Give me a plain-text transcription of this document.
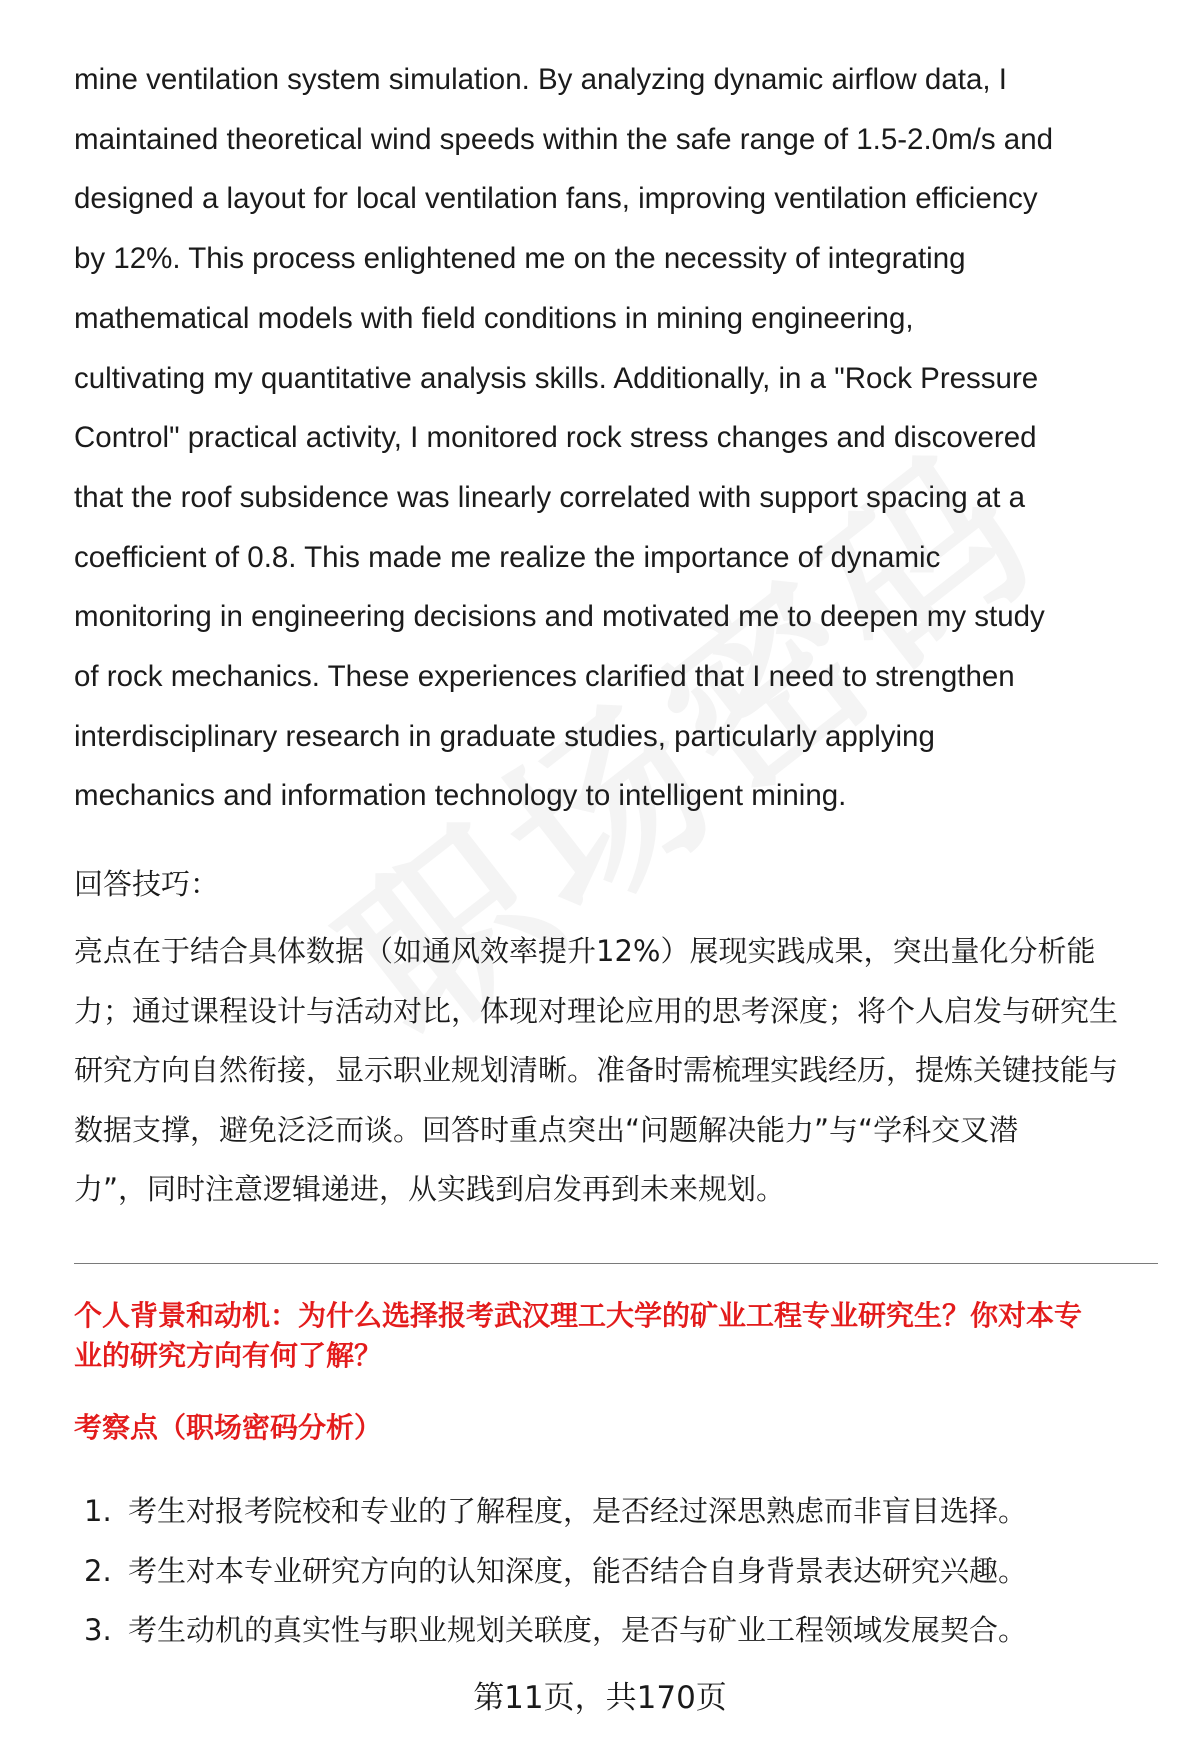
mine ventilation system simulation. By analyzing dynamic airflow data, I
maintained theoretical wind speeds within the safe range of 1.5-2.0m/s and
designed a layout for local ventilation fans, improving ventilation efficiency
by 12%. This process enlightened me on the necessity of integrating
mathematical models with field conditions in mining engineering,
cultivating my quantitative analysis skills. Additionally, in a "Rock Pressure
Control" practical activity, I monitored rock stress changes and discovered
that the roof subsidence was linearly correlated with support spacing at a
coefficient of 0.8. This made me realize the importance of dynamic
monitoring in engineering decisions and motivated me to deepen my study
of rock mechanics. These experiences clarified that I need to strengthen
interdisciplinary research in graduate studies, particularly applying
mechanics and information technology to intelligent mining.
回答技巧：
亮点在于结合具体数据（如通风效率提升12%）展现实践成果，突出量化分析能
力；通过课程设计与活动对比，体现对理论应用的思考深度；将个人启发与研究生
研究方向自然衔接，显示职业规划清晰。准备时需梳理实践经历，提炼关键技能与
数据支撑，避免泛泛而谈。回答时重点突出“问题解决能力”与“学科交叉潜
力”，同时注意逻辑递进，从实践到启发再到未来规划。
个人背景和动机：为什么选择报考武汉理工大学的矿业工程专业研究生？你对本专
业的研究方向有何了解？
考察点（职场密码分析）
1. 考生对报考院校和专业的了解程度，是否经过深思熟虑而非盲目选择。
2. 考生对本专业研究方向的认知深度，能否结合自身背景表达研究兴趣。
3. 考生动机的真实性与职业规划关联度，是否与矿业工程领域发展契合。
第11页，共170页
